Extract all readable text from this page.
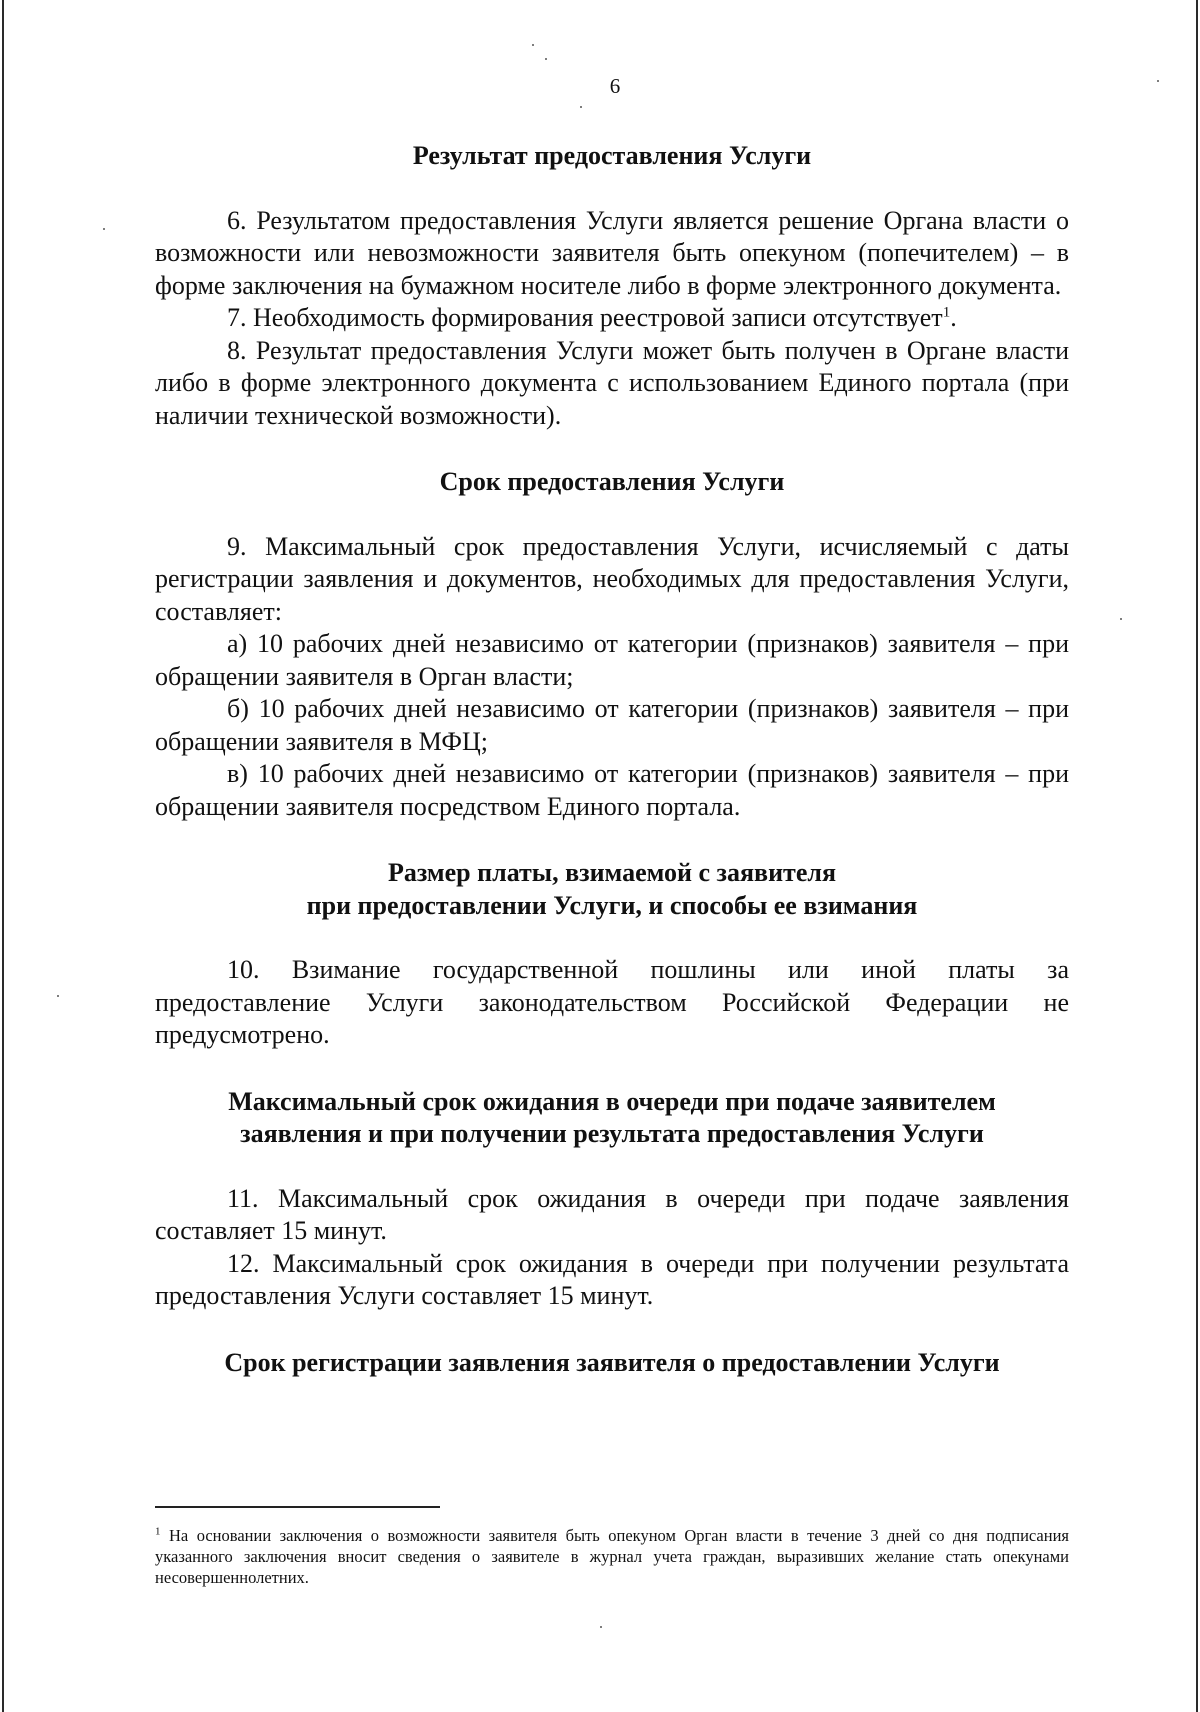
6

Результат предоставления Услуги

6. Результатом предоставления Услуги является решение Органа власти о возможности или невозможности заявителя быть опекуном (попечителем) – в форме заключения на бумажном носителе либо в форме электронного документа.

7. Необходимость формирования реестровой записи отсутствует$^1$.

8. Результат предоставления Услуги может быть получен в Органе власти либо в форме электронного документа с использованием Единого портала (при наличии технической возможности).

Срок предоставления Услуги

9. Максимальный срок предоставления Услуги, исчисляемый с даты регистрации заявления и документов, необходимых для предоставления Услуги, составляет:

а) 10 рабочих дней независимо от категории (признаков) заявителя – при обращении заявителя в Орган власти;

б) 10 рабочих дней независимо от категории (признаков) заявителя – при обращении заявителя в МФЦ;

в) 10 рабочих дней независимо от категории (признаков) заявителя – при обращении заявителя посредством Единого портала.

Размер платы, взимаемой с заявителя

при предоставлении Услуги, и способы ее взимания

10. Взимание государственной пошлины или иной платы за предоставление Услуги законодательством Российской Федерации не предусмотрено.

Максимальный срок ожидания в очереди при подаче заявителем

заявления и при получении результата предоставления Услуги

11. Максимальный срок ожидания в очереди при подаче заявления составляет 15 минут.

12. Максимальный срок ожидания в очереди при получении результата предоставления Услуги составляет 15 минут.

Срок регистрации заявления заявителя о предоставлении Услуги

$^1$ На основании заключения о возможности заявителя быть опекуном Орган власти в течение 3 дней со дня подписания указанного заключения вносит сведения о заявителе в журнал учета граждан, выразивших желание стать опекунами несовершеннолетних.
